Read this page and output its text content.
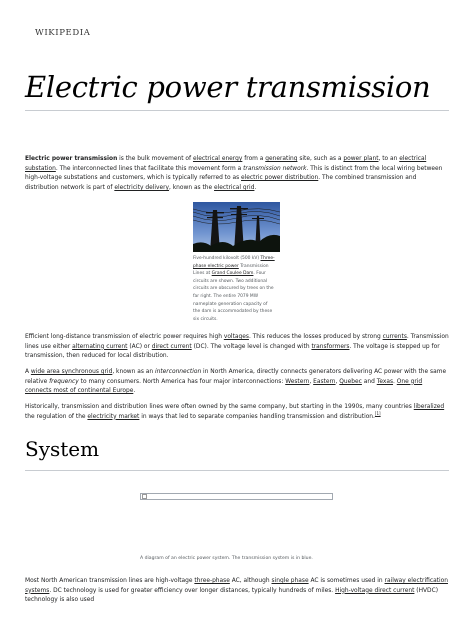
WIKIPEDIA
Electric power transmission

Electric power transmission is the bulk movement of electrical energy from a generating site, such as a power plant, to an electrical substation. The interconnected lines that facilitate this movement form a transmission network. This is distinct from the local wiring between high-voltage substations and customers, which is typically referred to as electric power distribution. The combined transmission and distribution network is part of electricity delivery, known as the electrical grid.

Five-hundred kilovolt (500 kV) Three-phase electric power Transmission Lines at Grand Coulee Dam. Four circuits are shown. Two additional circuits are obscured by trees on the far right. The entire 7079 MW nameplate generation capacity of the dam is accommodated by these six circuits.

Efficient long-distance transmission of electric power requires high voltages. This reduces the losses produced by strong currents. Transmission lines use either alternating current (AC) or direct current (DC). The voltage level is changed with transformers. The voltage is stepped up for transmission, then reduced for local distribution.

A wide area synchronous grid, known as an interconnection in North America, directly connects generators delivering AC power with the same relative frequency to many consumers. North America has four major interconnections: Western, Eastern, Quebec and Texas. One grid connects most of continental Europe.

Historically, transmission and distribution lines were often owned by the same company, but starting in the 1990s, many countries liberalized the regulation of the electricity market in ways that led to separate companies handling transmission and distribution.[1]

System
A diagram of an electric power system. The transmission system is in blue.

Most North American transmission lines are high-voltage three-phase AC, although single phase AC is sometimes used in railway electrification systems. DC technology is used for greater efficiency over longer distances, typically hundreds of miles. High-voltage direct current (HVDC) technology is also used
